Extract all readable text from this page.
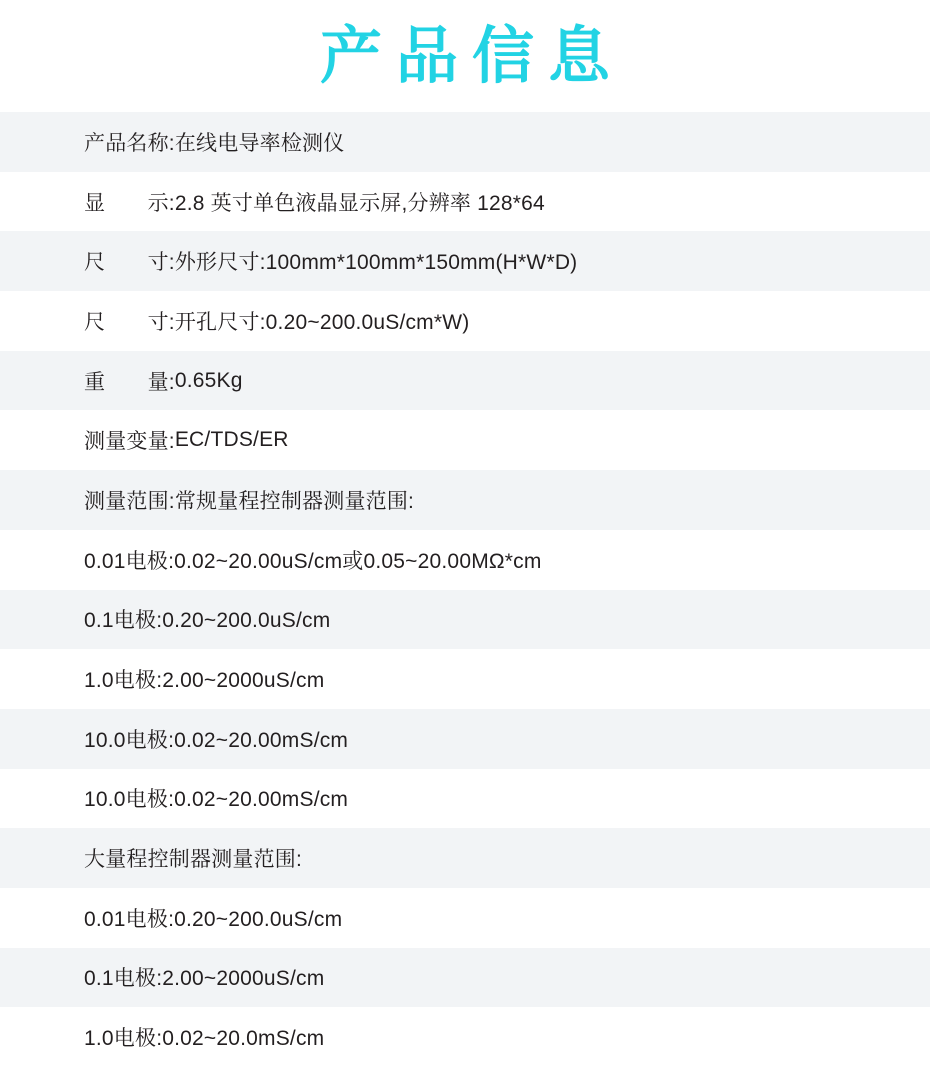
产品信息
产品名称: 在线电导率检测仪
显　　示: 2.8 英寸单色液晶显示屏,分辨率 128*64
尺　　寸: 外形尺寸:100mm*100mm*150mm(H*W*D)
尺　　寸: 开孔尺寸:0.20~200.0uS/cm*W)
重　　量: 0.65Kg
测量变量: EC/TDS/ER
测量范围: 常规量程控制器测量范围:
0.01电极:0.02~20.00uS/cm或0.05~20.00MΩ*cm
0.1电极:0.20~200.0uS/cm
1.0电极:2.00~2000uS/cm
10.0电极:0.02~20.00mS/cm
10.0电极:0.02~20.00mS/cm
大量程控制器测量范围:
0.01电极:0.20~200.0uS/cm
0.1电极:2.00~2000uS/cm
1.0电极:0.02~20.0mS/cm
